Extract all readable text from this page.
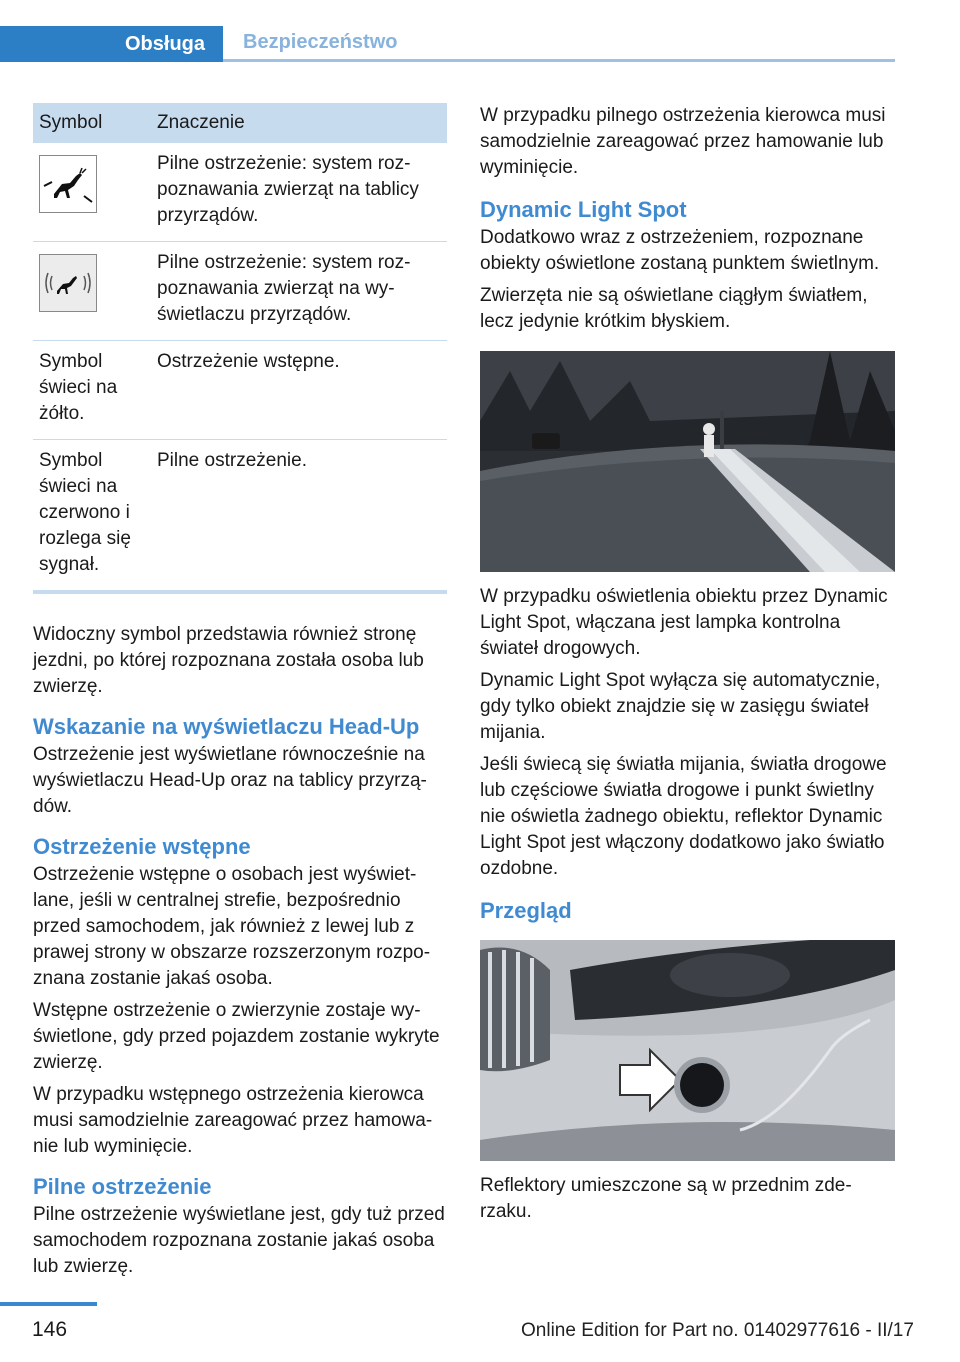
Obsługa	Bezpieczeństwo
Symbol	Znaczenie
	Pilne ostrzeżenie: system rozpoznawania zwierząt na tablicy przyrządów.
	Pilne ostrzeżenie: system rozpoznawania zwierząt na wyświetlaczu przyrządów.
Symbol świeci na żółto.	Ostrzeżenie wstępne.
Symbol świeci na czerwono i rozlega się sygnał.	Pilne ostrzeżenie.

Widoczny symbol przedstawia również stronę jezdni, po której rozpoznana została osoba lub zwierzę.

Wskazanie na wyświetlaczu Head-Up

Ostrzeżenie jest wyświetlane równocześnie na wyświetlaczu Head-Up oraz na tablicy przyrządów.

Ostrzeżenie wstępne

Ostrzeżenie wstępne o osobach jest wyświetlane, jeśli w centralnej strefie, bezpośrednio przed samochodem, jak również z lewej lub z prawej strony w obszarze rozszerzonym rozpoznana zostanie jakaś osoba.

Wstępne ostrzeżenie o zwierzynie zostaje wyświetlone, gdy przed pojazdem zostanie wykryte zwierzę.

W przypadku wstępnego ostrzeżenia kierowca musi samodzielnie zareagować przez hamowanie lub wyminięcie.

Pilne ostrzeżenie

Pilne ostrzeżenie wyświetlane jest, gdy tuż przed samochodem rozpoznana zostanie jakaś osoba lub zwierzę.

W przypadku pilnego ostrzeżenia kierowca musi samodzielnie zareagować przez hamowanie lub wyminięcie.

Dynamic Light Spot

Dodatkowo wraz z ostrzeżeniem, rozpoznane obiekty oświetlone zostaną punktem świetlnym.

Zwierzęta nie są oświetlane ciągłym światłem, lecz jedynie krótkim błyskiem.

W przypadku oświetlenia obiektu przez Dynamic Light Spot, włączana jest lampka kontrolna świateł drogowych.

Dynamic Light Spot wyłącza się automatycznie, gdy tylko obiekt znajdzie się w zasięgu świateł mijania.

Jeśli świecą się światła mijania, światła drogowe lub częściowe światła drogowe i punkt świetlny nie oświetla żadnego obiektu, reflektor Dynamic Light Spot jest włączony dodatkowo jako światło ozdobne.

Przegląd

Reflektory umieszczone są w przednim zderzaku.

146	Online Edition for Part no. 01402977616 - II/17
